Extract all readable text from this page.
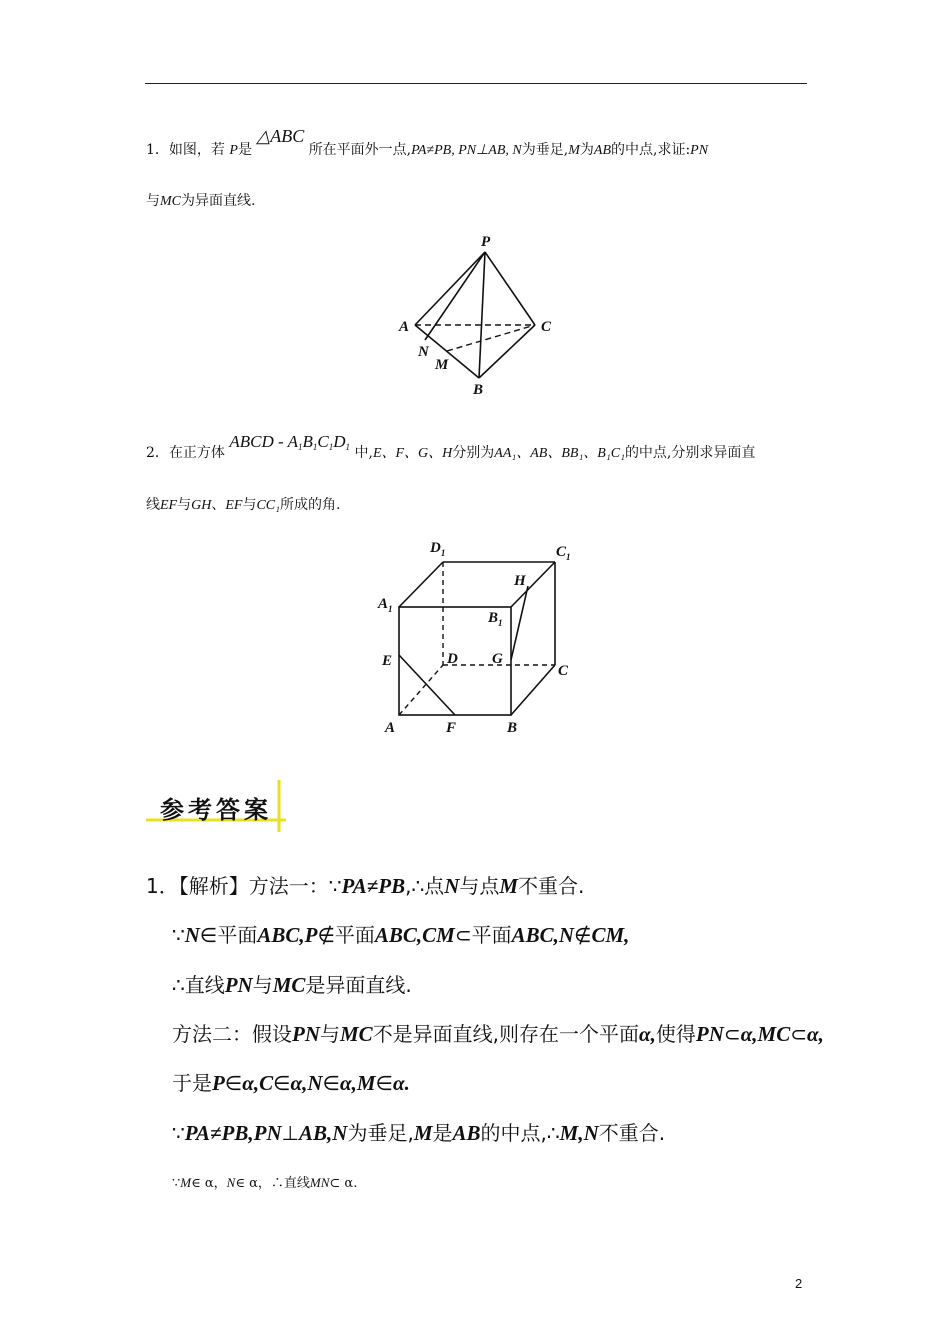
1．如图，若 P是 △ABC 所在平面外一点,PA≠PB, PN⊥AB, N为垂足,M为AB的中点,求证:PN
与MC为异面直线.
P
A	C
N
M
B
2．在正方体 ABCD - $A_1B_1C_1D_1$ 中,E、F、G、H分别为AA₁、AB、BB₁、B₁C₁的中点,分别求异面直
线EF与GH、EF与CC₁所成的角.
$D_1$	$C_1$
$A_1$
$B_1$
H
E	D G
C
A	F	B
参考答案
1．【解析】方法一：∵PA≠PB,∴点N与点M不重合.
∵N∈平面ABC,P∉平面ABC,CM⊂平面ABC,N∉CM,
∴直线PN与MC是异面直线.
方法二：假设PN与MC不是异面直线,则存在一个平面α,使得PN⊂α,MC⊂α,
于是P∈α,C∈α,N∈α,M∈α.
∵PA≠PB,PN⊥AB,N为垂足,M是AB的中点,∴M,N不重合.
∵M∈ α，N∈ α，∴直线MN⊂ α.
2
